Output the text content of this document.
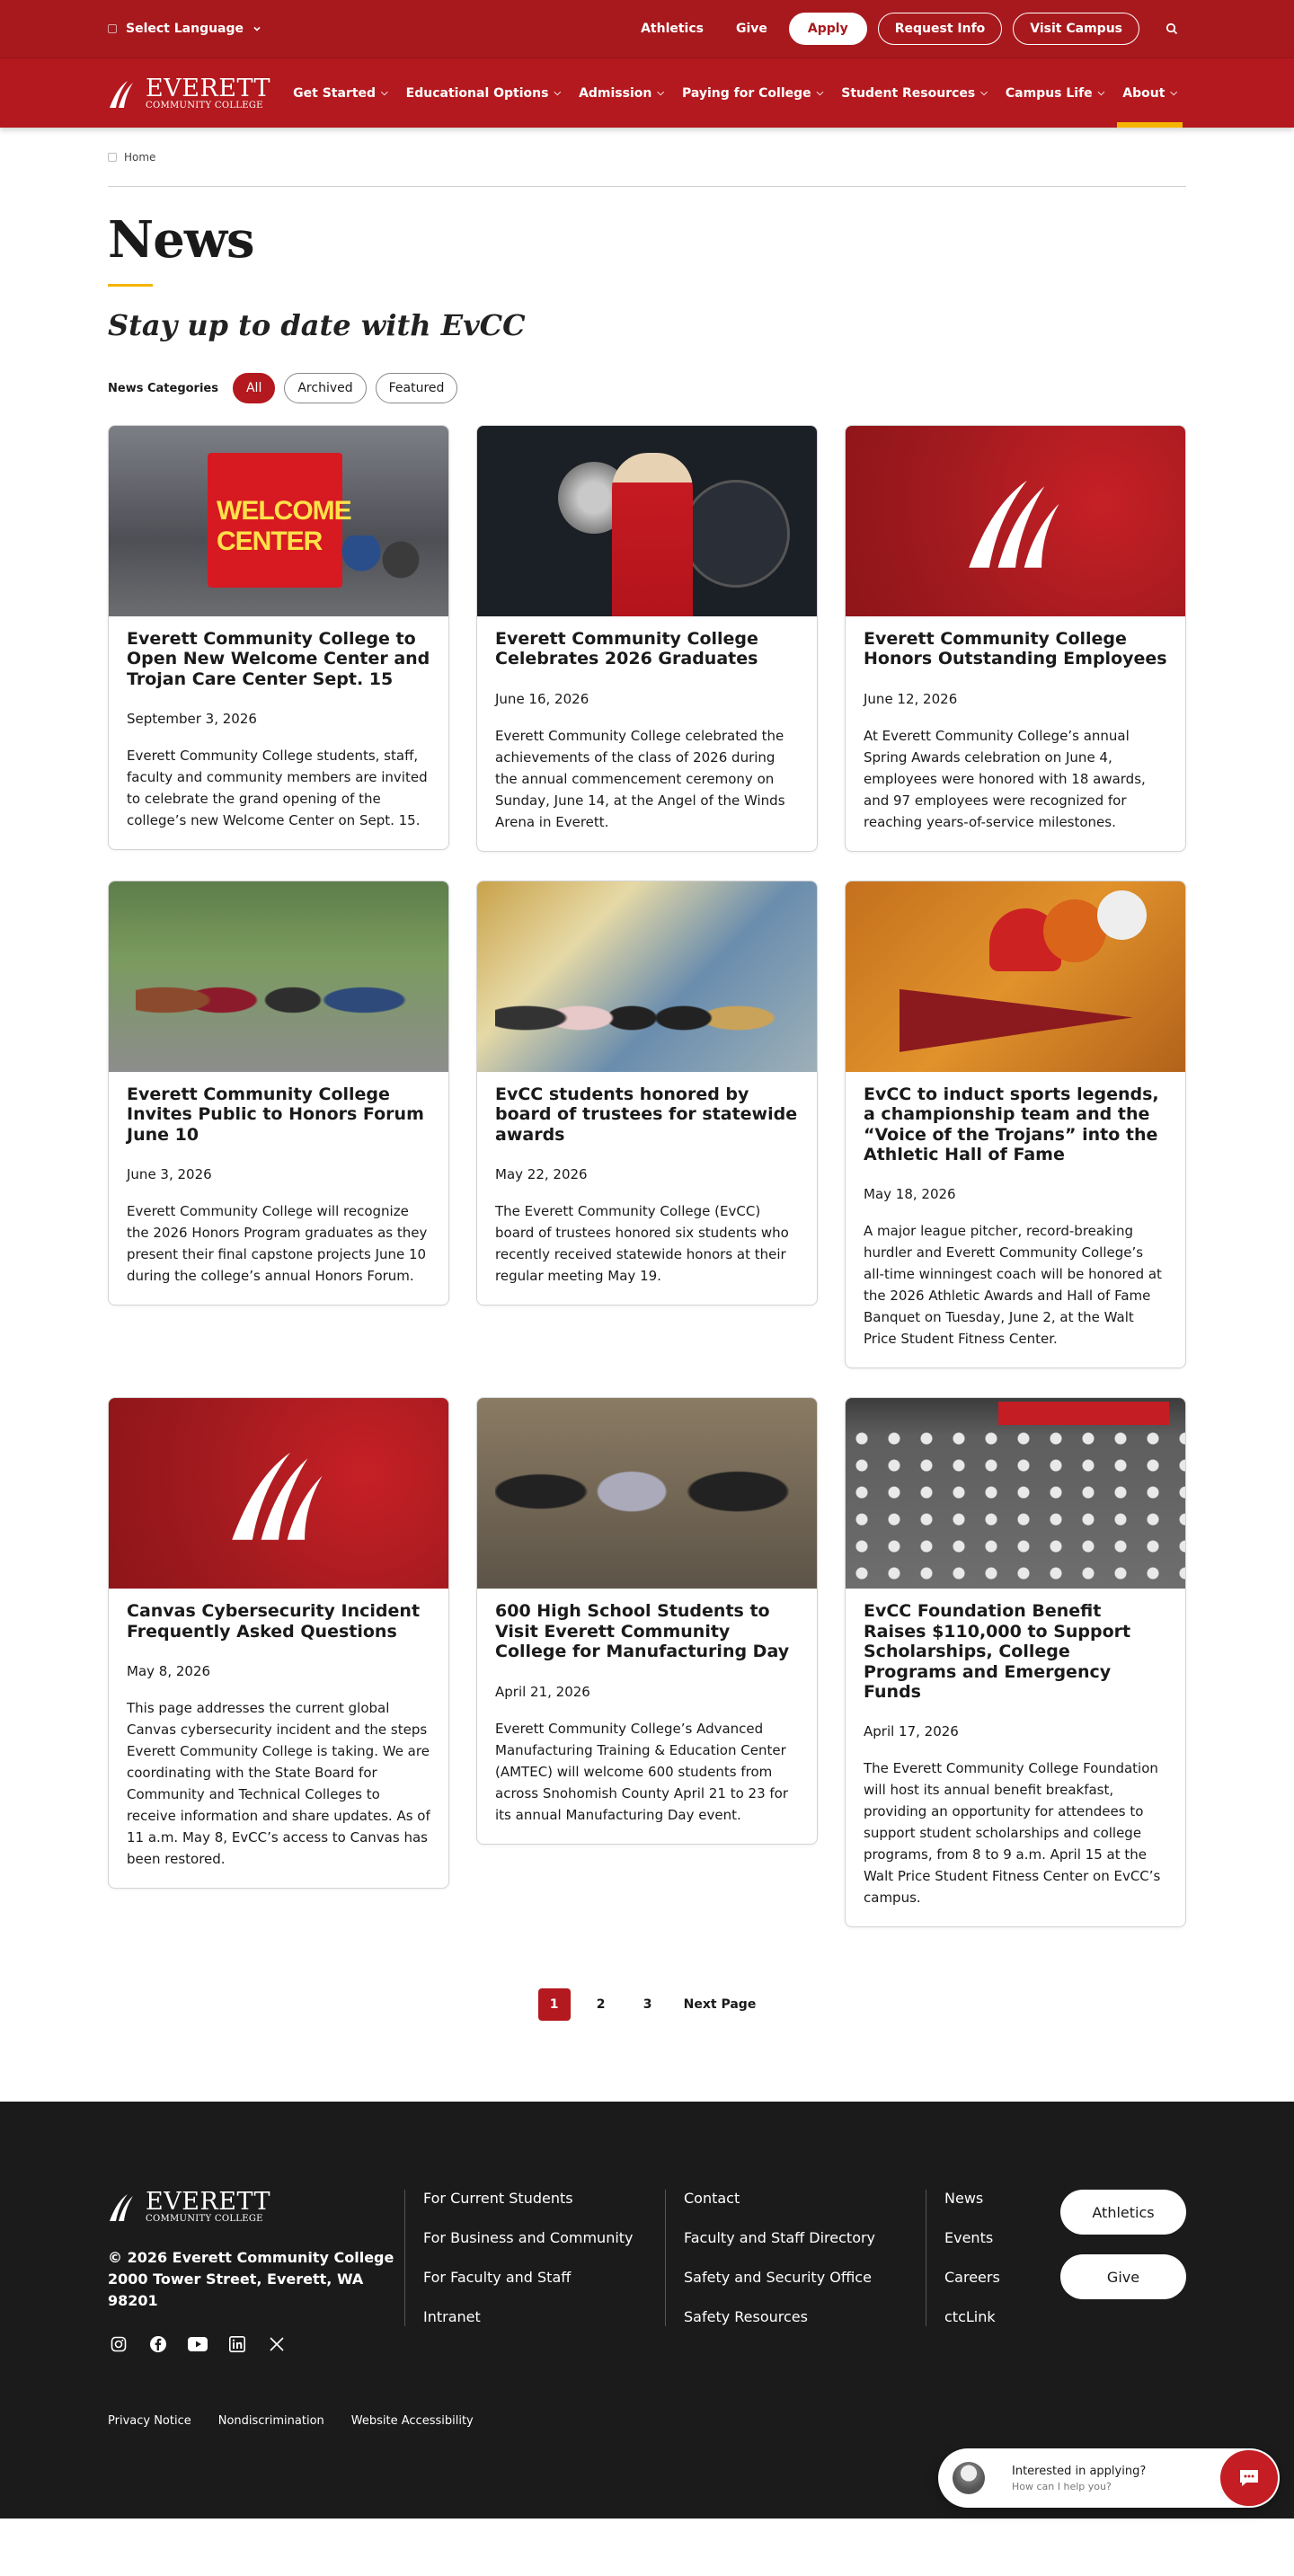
Select Language	Athletics	Give	Apply	Request Info	Visit Campus
EVERETT
COMMUNITY COLLEGE
Get Started ⌵ Educational Options ⌵ Admission ⌵ Paying for College ⌵ Student Resources ⌵ Campus Life ⌵ About ⌵
Home
News
Stay up to date with EvCC
News Categories	All	Archived	Featured
WELCOME CENTER
Everett Community College to Open New Welcome Center and Trojan Care Center Sept. 15
September 3, 2026
Everett Community College students, staff, faculty and community members are invited to celebrate the grand opening of the college’s new Welcome Center on Sept. 15.
Everett Community College Celebrates 2026 Graduates
June 16, 2026
Everett Community College celebrated the achievements of the class of 2026 during the annual commencement ceremony on Sunday, June 14, at the Angel of the Winds Arena in Everett.
Everett Community College Honors Outstanding Employees
June 12, 2026
At Everett Community College’s annual Spring Awards celebration on June 4, employees were honored with 18 awards, and 97 employees were recognized for reaching years-of-service milestones.
Everett Community College Invites Public to Honors Forum June 10
June 3, 2026
Everett Community College will recognize the 2026 Honors Program graduates as they present their final capstone projects June 10 during the college’s annual Honors Forum.
EvCC students honored by board of trustees for statewide awards
May 22, 2026
The Everett Community College (EvCC) board of trustees honored six students who recently received statewide honors at their regular meeting May 19.
EvCC to induct sports legends, a championship team and the “Voice of the Trojans” into the Athletic Hall of Fame
May 18, 2026
A major league pitcher, record-breaking hurdler and Everett Community College’s all-time winningest coach will be honored at the 2026 Athletic Awards and Hall of Fame Banquet on Tuesday, June 2, at the Walt Price Student Fitness Center.
Canvas Cybersecurity Incident Frequently Asked Questions
May 8, 2026
This page addresses the current global Canvas cybersecurity incident and the steps Everett Community College is taking. We are coordinating with the State Board for Community and Technical Colleges to receive information and share updates. As of 11 a.m. May 8, EvCC’s access to Canvas has been restored.
600 High School Students to Visit Everett Community College for Manufacturing Day
April 21, 2026
Everett Community College’s Advanced Manufacturing Training & Education Center (AMTEC) will welcome 600 students from across Snohomish County April 21 to 23 for its annual Manufacturing Day event.
EvCC Foundation Benefit Raises $110,000 to Support Scholarships, College Programs and Emergency Funds
April 17, 2026
The Everett Community College Foundation will host its annual benefit breakfast, providing an opportunity for attendees to support student scholarships and college programs, from 8 to 9 a.m. April 15 at the Walt Price Student Fitness Center on EvCC’s campus.
1	2	3	Next Page
EVERETT
COMMUNITY COLLEGE
© 2026 Everett Community College
2000 Tower Street, Everett, WA 98201
For Current Students
For Business and Community
For Faculty and Staff
Intranet
Contact
Faculty and Staff Directory
Safety and Security Office
Safety Resources
News
Events
Careers
ctcLink
Athletics
Give
Privacy Notice Nondiscrimination Website Accessibility
Interested in applying?
How can I help you?
